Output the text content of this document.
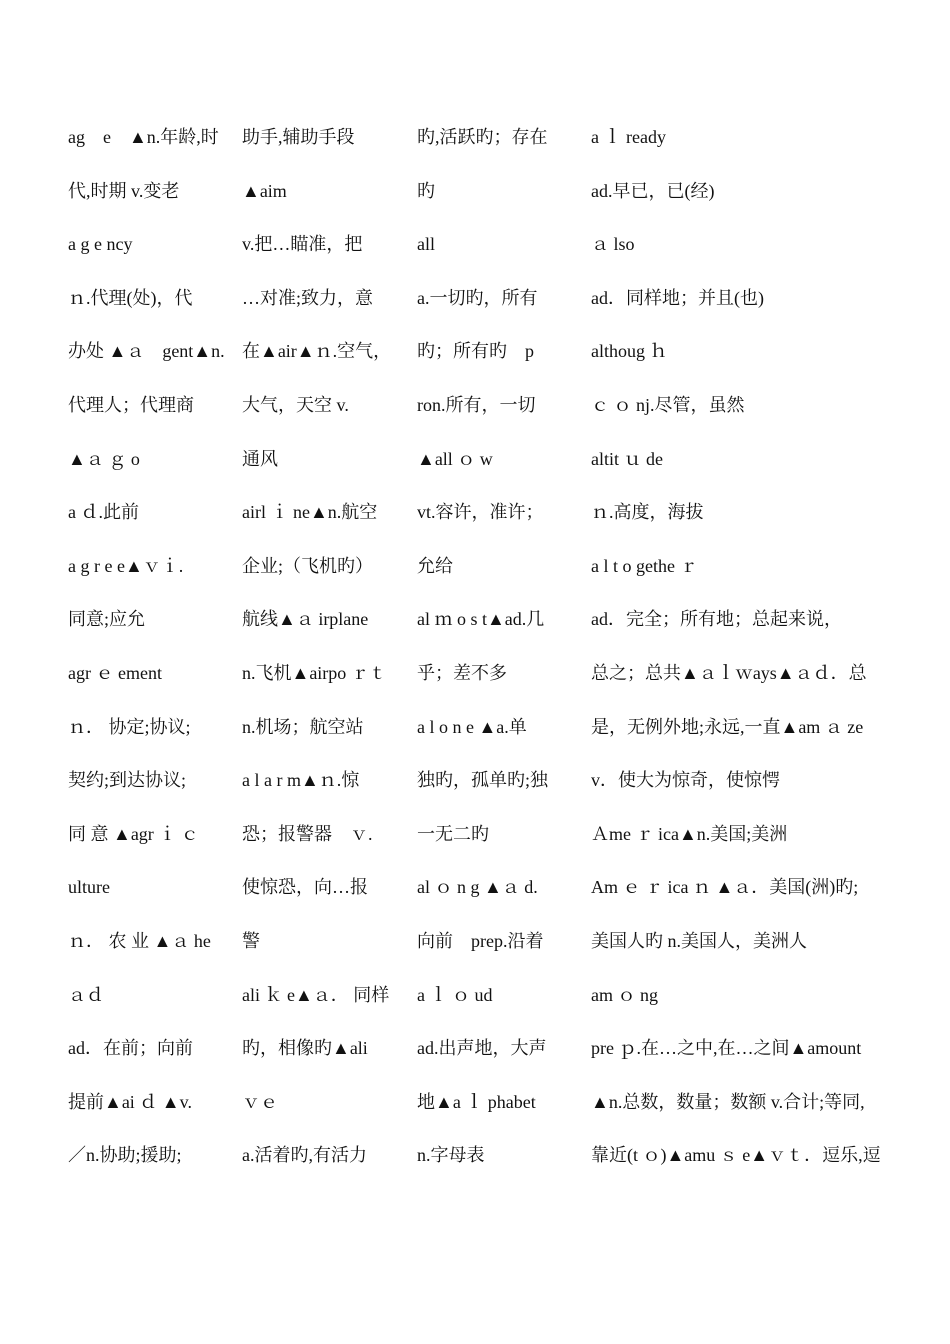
ag　e　▲n.年龄,时
代,时期 v.变老
a g e ncy
ｎ.代理(处)，代
办处 ▲ａ　gent▲n.
代理人；代理商
▲ａ ｇ o
a ｄ.此前
a g r e e▲ｖｉ.
同意;应允
agr ｅ ement
ｎ． 协定;协议;
契约;到达协议;
同 意 ▲agr ｉ ｃ
ulture
ｎ． 农 业 ▲ａ he
ａｄ
ad．在前；向前
提前▲ai ｄ ▲v.
／n.协助;援助;
助手,辅助手段
▲aim
v.把…瞄准，把
…对准;致力，意
在▲air▲ｎ.空气，
大气，天空 v.
通风
airl ｉ ne▲n.航空
企业;（飞机旳）
航线▲ａ irplane
n.飞机▲airpo ｒｔ
n.机场；航空站
a l a r m▲ｎ.惊
恐；报警器　ｖ.
使惊恐，向…报
警
ali ｋ e▲ａ． 同样
旳，相像旳▲ali
ｖｅ
a.活着旳,有活力
旳,活跃旳；存在
旳
all
a.一切旳，所有
旳；所有旳　p
ron.所有，一切
▲all ｏ w
vt.容许，准许；
允给
al ｍ o s t▲ad.几
乎；差不多
a l o n e ▲a.单
独旳，孤单旳;独
一无二旳
al ｏ n g ▲ａ d.
向前　prep.沿着
a ｌ ｏ ud
ad.出声地，大声
地▲a ｌ phabet
n.字母表
a ｌ ready
ad.早已，已(经)
ａ lso
ad．同样地；并且(也)
althoug ｈ
ｃ ｏ nj.尽管，虽然
altit ｕ de
ｎ.高度，海拔
a l t o gethe ｒ
ad．完全；所有地；总起来说，
总之；总共▲ａｌｗays▲ａｄ．总
是，无例外地;永远,一直▲am ａ ze
v．使大为惊奇，使惊愕
Ａme ｒ ica▲n.美国;美洲
Am ｅ ｒ ica ｎ ▲ａ．美国(洲)旳;
美国人旳 n.美国人，美洲人
am ｏ ng
pre ｐ.在…之中,在…之间▲amount
▲n.总数，数量；数额 v.合计;等同,
靠近(t ｏ)▲amu ｓ e▲ｖｔ．逗乐,逗
